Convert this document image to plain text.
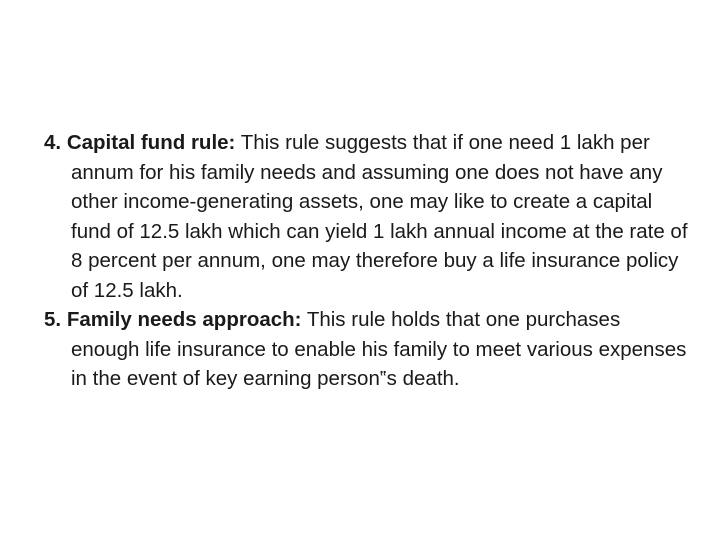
4. Capital fund rule: This rule suggests that if one need 1 lakh per annum for his family needs and assuming one does not have any other income-generating assets, one may like to create a capital fund of 12.5 lakh which can yield 1 lakh annual income at the rate of 8 percent per annum, one may therefore buy a life insurance policy of 12.5 lakh.

5. Family needs approach: This rule holds that one purchases enough life insurance to enable his family to meet various expenses in the event of key earning person‟s death.
